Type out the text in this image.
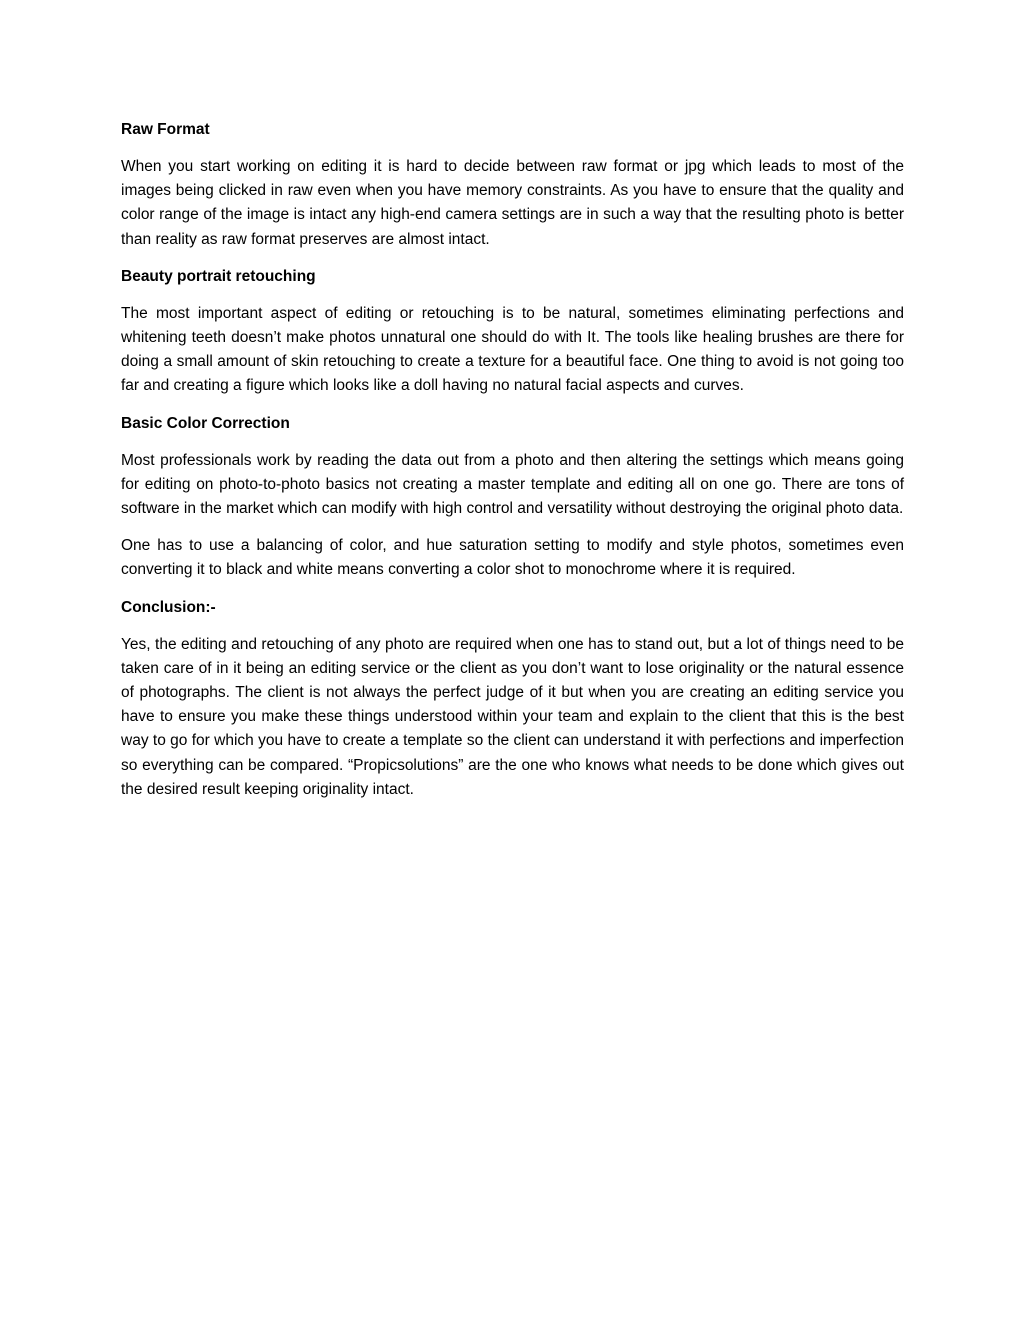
Raw Format

When you start working on editing it is hard to decide between raw format or jpg which leads to most of the images being clicked in raw even when you have memory constraints. As you have to ensure that the quality and color range of the image is intact any high-end camera settings are in such a way that the resulting photo is better than reality as raw format preserves are almost intact.

Beauty portrait retouching

The most important aspect of editing or retouching is to be natural, sometimes eliminating perfections and whitening teeth doesn’t make photos unnatural one should do with It. The tools like healing brushes are there for doing a small amount of skin retouching to create a texture for a beautiful face. One thing to avoid is not going too far and creating a figure which looks like a doll having no natural facial aspects and curves.

Basic Color Correction

Most professionals work by reading the data out from a photo and then altering the settings which means going for editing on photo-to-photo basics not creating a master template and editing all on one go. There are tons of software in the market which can modify with high control and versatility without destroying the original photo data.

One has to use a balancing of color, and hue saturation setting to modify and style photos, sometimes even converting it to black and white means converting a color shot to monochrome where it is required.

Conclusion:-

Yes, the editing and retouching of any photo are required when one has to stand out, but a lot of things need to be taken care of in it being an editing service or the client as you don’t want to lose originality or the natural essence of photographs. The client is not always the perfect judge of it but when you are creating an editing service you have to ensure you make these things understood within your team and explain to the client that this is the best way to go for which you have to create a template so the client can understand it with perfections and imperfection so everything can be compared. “Propicsolutions” are the one who knows what needs to be done which gives out the desired result keeping originality intact.
